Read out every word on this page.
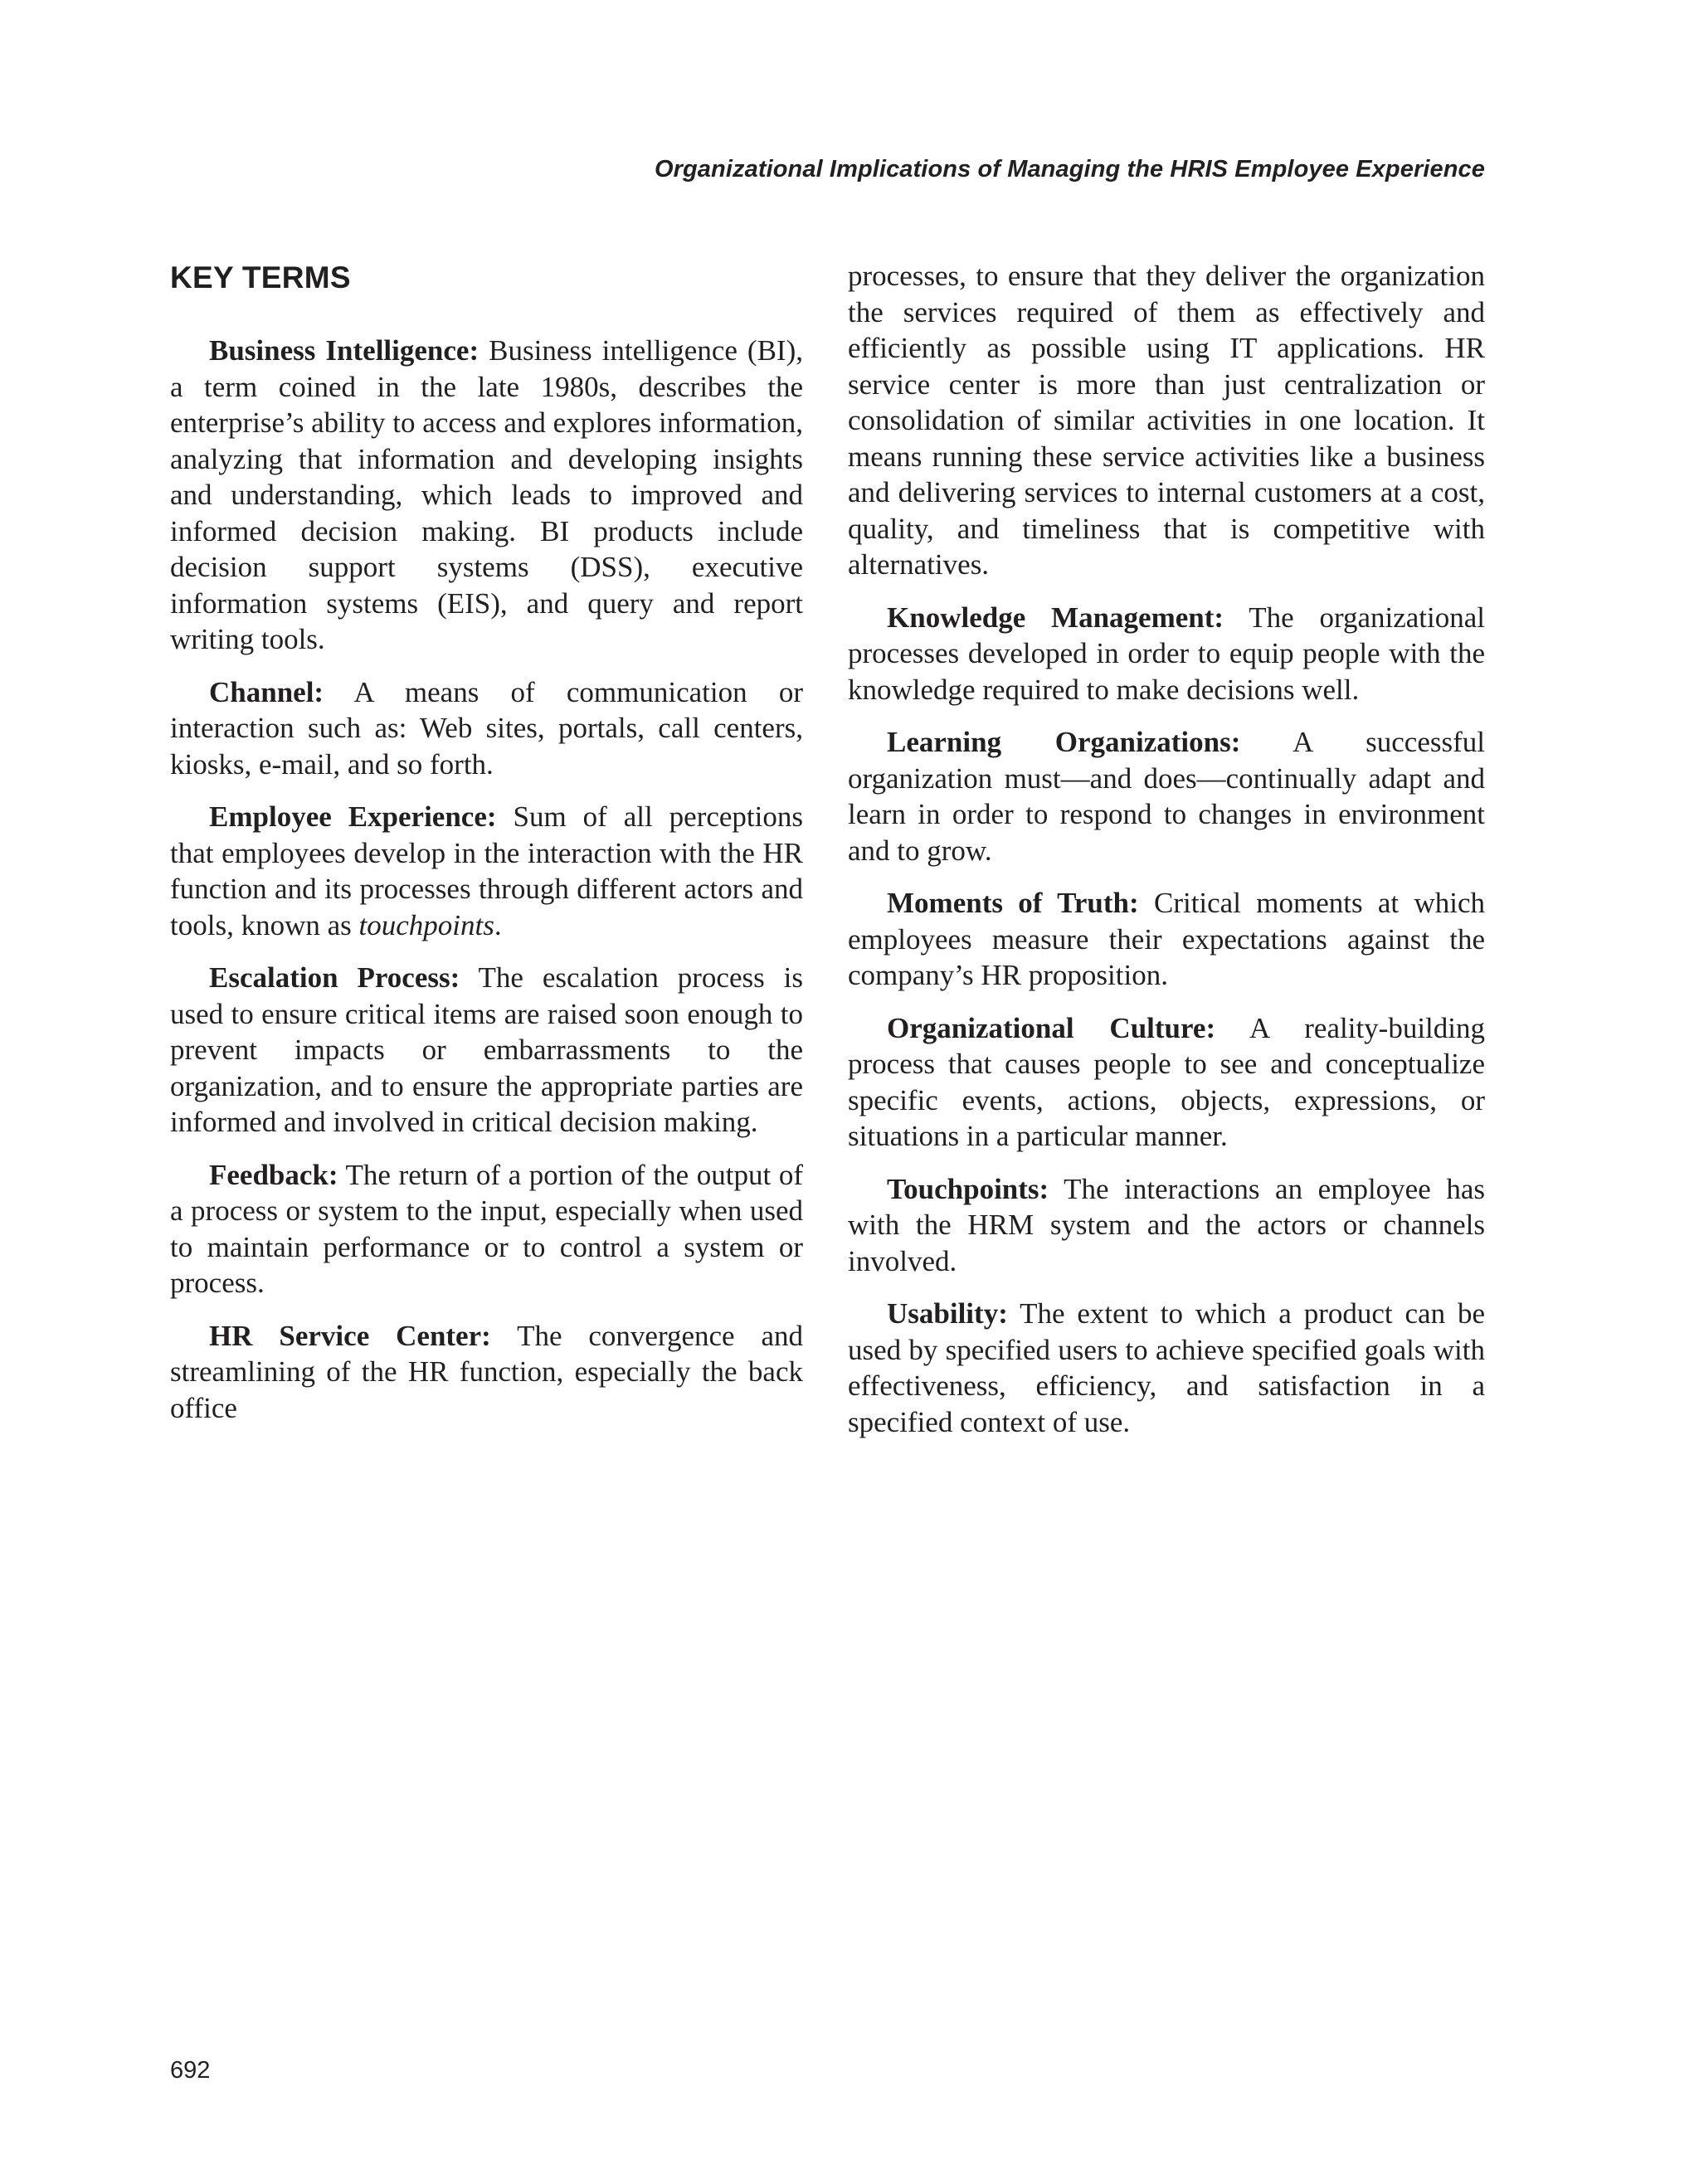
Organizational Implications of Managing the HRIS Employee Experience
KEY TERMS

Business Intelligence: Business intelligence (BI), a term coined in the late 1980s, describes the enterprise’s ability to access and explores information, analyzing that information and developing insights and understanding, which leads to improved and informed decision making. BI products include decision support systems (DSS), executive information systems (EIS), and query and report writing tools.

Channel: A means of communication or interaction such as: Web sites, portals, call centers, kiosks, e-mail, and so forth.

Employee Experience: Sum of all perceptions that employees develop in the interaction with the HR function and its processes through different actors and tools, known as touchpoints.

Escalation Process: The escalation process is used to ensure critical items are raised soon enough to prevent impacts or embarrassments to the organization, and to ensure the appropriate parties are informed and involved in critical decision making.

Feedback: The return of a portion of the output of a process or system to the input, especially when used to maintain performance or to control a system or process.

HR Service Center: The convergence and streamlining of the HR function, especially the back office

processes, to ensure that they deliver the organization the services required of them as effectively and efficiently as possible using IT applications. HR service center is more than just centralization or consolidation of similar activities in one location. It means running these service activities like a business and delivering services to internal customers at a cost, quality, and timeliness that is competitive with alternatives.

Knowledge Management: The organizational processes developed in order to equip people with the knowledge required to make decisions well.

Learning Organizations: A successful organization must—and does—continually adapt and learn in order to respond to changes in environment and to grow.

Moments of Truth: Critical moments at which employees measure their expectations against the company’s HR proposition.

Organizational Culture: A reality-building process that causes people to see and conceptualize specific events, actions, objects, expressions, or situations in a particular manner.

Touchpoints: The interactions an employee has with the HRM system and the actors or channels involved.

Usability: The extent to which a product can be used by specified users to achieve specified goals with effectiveness, efficiency, and satisfaction in a specified context of use.

692
